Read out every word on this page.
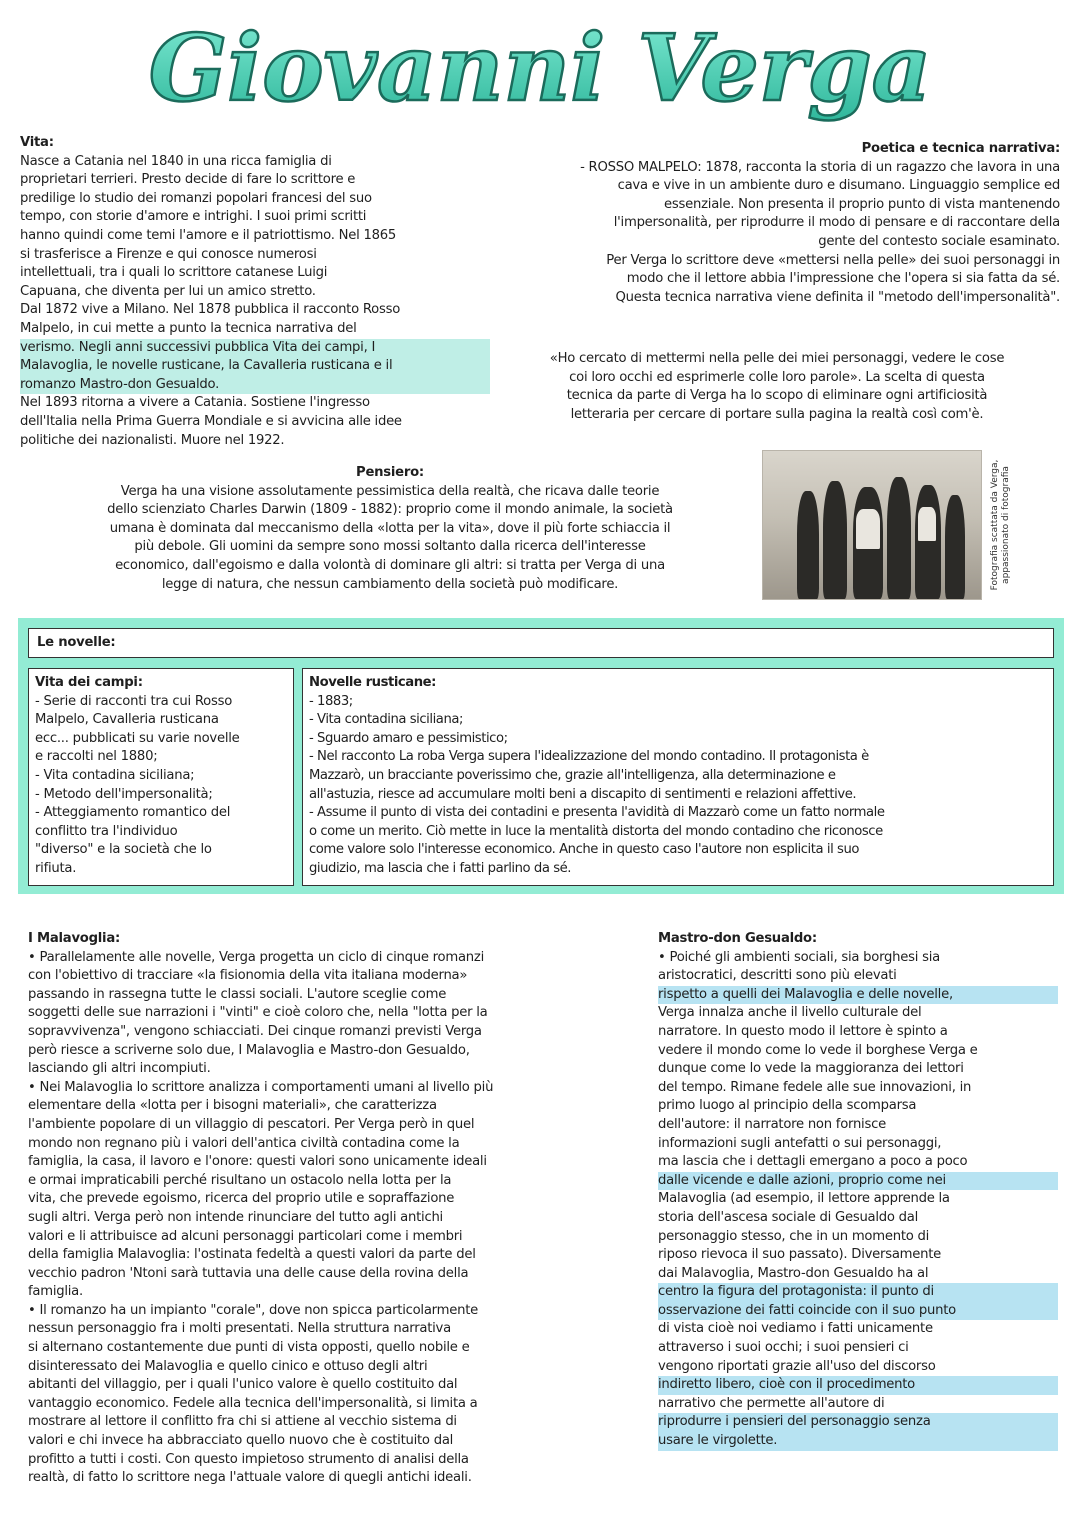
Giovanni Verga

Vita:

Nasce a Catania nel 1840 in una ricca famiglia di

proprietari terrieri. Presto decide di fare lo scrittore e

predilige lo studio dei romanzi popolari francesi del suo

tempo, con storie d'amore e intrighi. I suoi primi scritti

hanno quindi come temi l'amore e il patriottismo. Nel 1865

si trasferisce a Firenze e qui conosce numerosi

intellettuali, tra i quali lo scrittore catanese Luigi

Capuana, che diventa per lui un amico stretto.

Dal 1872 vive a Milano. Nel 1878 pubblica il racconto Rosso

Malpelo, in cui mette a punto la tecnica narrativa del

verismo. Negli anni successivi pubblica Vita dei campi, I

Malavoglia, le novelle rusticane, la Cavalleria rusticana e il

romanzo Mastro-don Gesualdo.

Nel 1893 ritorna a vivere a Catania. Sostiene l'ingresso

dell'Italia nella Prima Guerra Mondiale e si avvicina alle idee

politiche dei nazionalisti. Muore nel 1922.

Poetica e tecnica narrativa:

- ROSSO MALPELO: 1878, racconta la storia di un ragazzo che lavora in una

cava e vive in un ambiente duro e disumano. Linguaggio semplice ed

essenziale. Non presenta il proprio punto di vista mantenendo

l'impersonalità, per riprodurre il modo di pensare e di raccontare della

gente del contesto sociale esaminato.

Per Verga lo scrittore deve «mettersi nella pelle» dei suoi personaggi in

modo che il lettore abbia l'impressione che l'opera si sia fatta da sé.

Questa tecnica narrativa viene definita il "metodo dell'impersonalità".

«Ho cercato di mettermi nella pelle dei miei personaggi, vedere le cose

coi loro occhi ed esprimerle colle loro parole». La scelta di questa

tecnica da parte di Verga ha lo scopo di eliminare ogni artificiosità

letteraria per cercare di portare sulla pagina la realtà così com'è.

Pensiero:

Verga ha una visione assolutamente pessimistica della realtà, che ricava dalle teorie

dello scienziato Charles Darwin (1809 - 1882): proprio come il mondo animale, la società

umana è dominata dal meccanismo della «lotta per la vita», dove il più forte schiaccia il

più debole. Gli uomini da sempre sono mossi soltanto dalla ricerca dell'interesse

economico, dall'egoismo e dalla volontà di dominare gli altri: si tratta per Verga di una

legge di natura, che nessun cambiamento della società può modificare.	Fotografia scattata da Verga, appassionato di fotografia

Le novelle:

Vita dei campi:

- Serie di racconti tra cui Rosso

Malpelo, Cavalleria rusticana

ecc... pubblicati su varie novelle

e raccolti nel 1880;

- Vita contadina siciliana;

- Metodo dell'impersonalità;

- Atteggiamento romantico del

conflitto tra l'individuo

"diverso" e la società che lo

rifiuta.

Novelle rusticane:

- 1883;

- Vita contadina siciliana;

- Sguardo amaro e pessimistico;

- Nel racconto La roba Verga supera l'idealizzazione del mondo contadino. Il protagonista è

Mazzarò, un bracciante poverissimo che, grazie all'intelligenza, alla determinazione e

all'astuzia, riesce ad accumulare molti beni a discapito di sentimenti e relazioni affettive.

- Assume il punto di vista dei contadini e presenta l'avidità di Mazzarò come un fatto normale

o come un merito. Ciò mette in luce la mentalità distorta del mondo contadino che riconosce

come valore solo l'interesse economico. Anche in questo caso l'autore non esplicita il suo

giudizio, ma lascia che i fatti parlino da sé.

I Malavoglia:

• Parallelamente alle novelle, Verga progetta un ciclo di cinque romanzi

con l'obiettivo di tracciare «la fisionomia della vita italiana moderna»

passando in rassegna tutte le classi sociali. L'autore sceglie come

soggetti delle sue narrazioni i "vinti" e cioè coloro che, nella "lotta per la

sopravvivenza", vengono schiacciati. Dei cinque romanzi previsti Verga

però riesce a scriverne solo due, I Malavoglia e Mastro-don Gesualdo,

lasciando gli altri incompiuti.

• Nei Malavoglia lo scrittore analizza i comportamenti umani al livello più

elementare della «lotta per i bisogni materiali», che caratterizza

l'ambiente popolare di un villaggio di pescatori. Per Verga però in quel

mondo non regnano più i valori dell'antica civiltà contadina come la

famiglia, la casa, il lavoro e l'onore: questi valori sono unicamente ideali

e ormai impraticabili perché risultano un ostacolo nella lotta per la

vita, che prevede egoismo, ricerca del proprio utile e sopraffazione

sugli altri. Verga però non intende rinunciare del tutto agli antichi

valori e li attribuisce ad alcuni personaggi particolari come i membri

della famiglia Malavoglia: l'ostinata fedeltà a questi valori da parte del

vecchio padron 'Ntoni sarà tuttavia una delle cause della rovina della

famiglia.

• Il romanzo ha un impianto "corale", dove non spicca particolarmente

nessun personaggio fra i molti presentati. Nella struttura narrativa

si alternano costantemente due punti di vista opposti, quello nobile e

disinteressato dei Malavoglia e quello cinico e ottuso degli altri

abitanti del villaggio, per i quali l'unico valore è quello costituito dal

vantaggio economico. Fedele alla tecnica dell'impersonalità, si limita a

mostrare al lettore il conflitto fra chi si attiene al vecchio sistema di

valori e chi invece ha abbracciato quello nuovo che è costituito dal

profitto a tutti i costi. Con questo impietoso strumento di analisi della

realtà, di fatto lo scrittore nega l'attuale valore di quegli antichi ideali.

Mastro-don Gesualdo:

• Poiché gli ambienti sociali, sia borghesi sia

aristocratici, descritti sono più elevati

rispetto a quelli dei Malavoglia e delle novelle,

Verga innalza anche il livello culturale del

narratore. In questo modo il lettore è spinto a

vedere il mondo come lo vede il borghese Verga e

dunque come lo vede la maggioranza dei lettori

del tempo. Rimane fedele alle sue innovazioni, in

primo luogo al principio della scomparsa

dell'autore: il narratore non fornisce

informazioni sugli antefatti o sui personaggi,

ma lascia che i dettagli emergano a poco a poco

dalle vicende e dalle azioni, proprio come nei

Malavoglia (ad esempio, il lettore apprende la

storia dell'ascesa sociale di Gesualdo dal

personaggio stesso, che in un momento di

riposo rievoca il suo passato). Diversamente

dai Malavoglia, Mastro-don Gesualdo ha al

centro la figura del protagonista: il punto di

osservazione dei fatti coincide con il suo punto

di vista cioè noi vediamo i fatti unicamente

attraverso i suoi occhi; i suoi pensieri ci

vengono riportati grazie all'uso del discorso

indiretto libero, cioè con il procedimento

narrativo che permette all'autore di

riprodurre i pensieri del personaggio senza

usare le virgolette.
